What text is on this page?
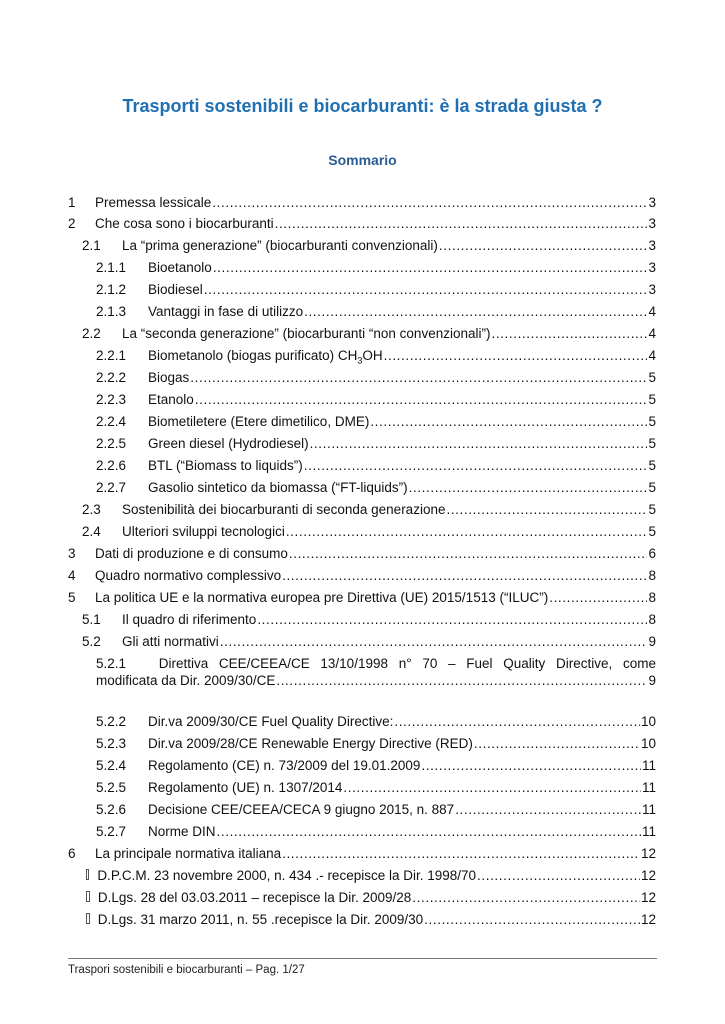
Trasporti sostenibili e biocarburanti: è la strada giusta ?
Sommario
1	Premessa lessicale .....	3
2	Che cosa sono i biocarburanti .....	3
2.1	La “prima generazione” (biocarburanti convenzionali) .....	3
2.1.1	Bioetanolo .....	3
2.1.2	Biodiesel .....	3
2.1.3	Vantaggi in fase di utilizzo .....	4
2.2	La “seconda generazione” (biocarburanti “non convenzionali”) .....	4
2.2.1	Biometanolo (biogas purificato) $CH_3OH$ .....	4
2.2.2	Biogas .....	5
2.2.3	Etanolo .....	5
2.2.4	Biometiletere (Etere dimetilico, DME) .....	5
2.2.5	Green diesel (Hydrodiesel) .....	5
2.2.6	BTL (“Biomass to liquids”) .....	5
2.2.7	Gasolio sintetico da biomassa (“FT-liquids”) .....	5
2.3	Sostenibilità dei biocarburanti di seconda generazione .....	5
2.4	Ulteriori sviluppi tecnologici .....	5
3	Dati di produzione e di consumo .....	6
4	Quadro normativo complessivo .....	8
5	La politica UE e la normativa europea pre Direttiva (UE) 2015/1513 (“ILUC”) .....	8
5.1	Il quadro di riferimento .....	8
5.2	Gli atti normativi .....	9
5.2.1	Direttiva CEE/CEEA/CE 13/10/1998 n° 70 – Fuel Quality Directive, come
modificata da Dir. 2009/30/CE .....	9
5.2.2	Dir.va 2009/30/CE Fuel Quality Directive: .....	10
5.2.3	Dir.va 2009/28/CE Renewable Energy Directive (RED) .....	10
5.2.4	Regolamento (CE) n. 73/2009 del 19.01.2009 .....	11
5.2.5	Regolamento (UE) n. 1307/2014 .....	11
5.2.6	Decisione CEE/CEEA/CECA 9 giugno 2015, n. 887 .....	11
5.2.7	Norme DIN .....	11
6	La principale normativa italiana .....	12
D.P.C.M. 23 novembre 2000, n. 434 .- recepisce la Dir. 1998/70 .....	12
D.Lgs. 28 del 03.03.2011 – recepisce la Dir. 2009/28 .....	12
D.Lgs. 31 marzo 2011, n. 55 .recepisce la Dir. 2009/30 .....	12
Traspori sostenibili e biocarburanti – Pag. 1/27
